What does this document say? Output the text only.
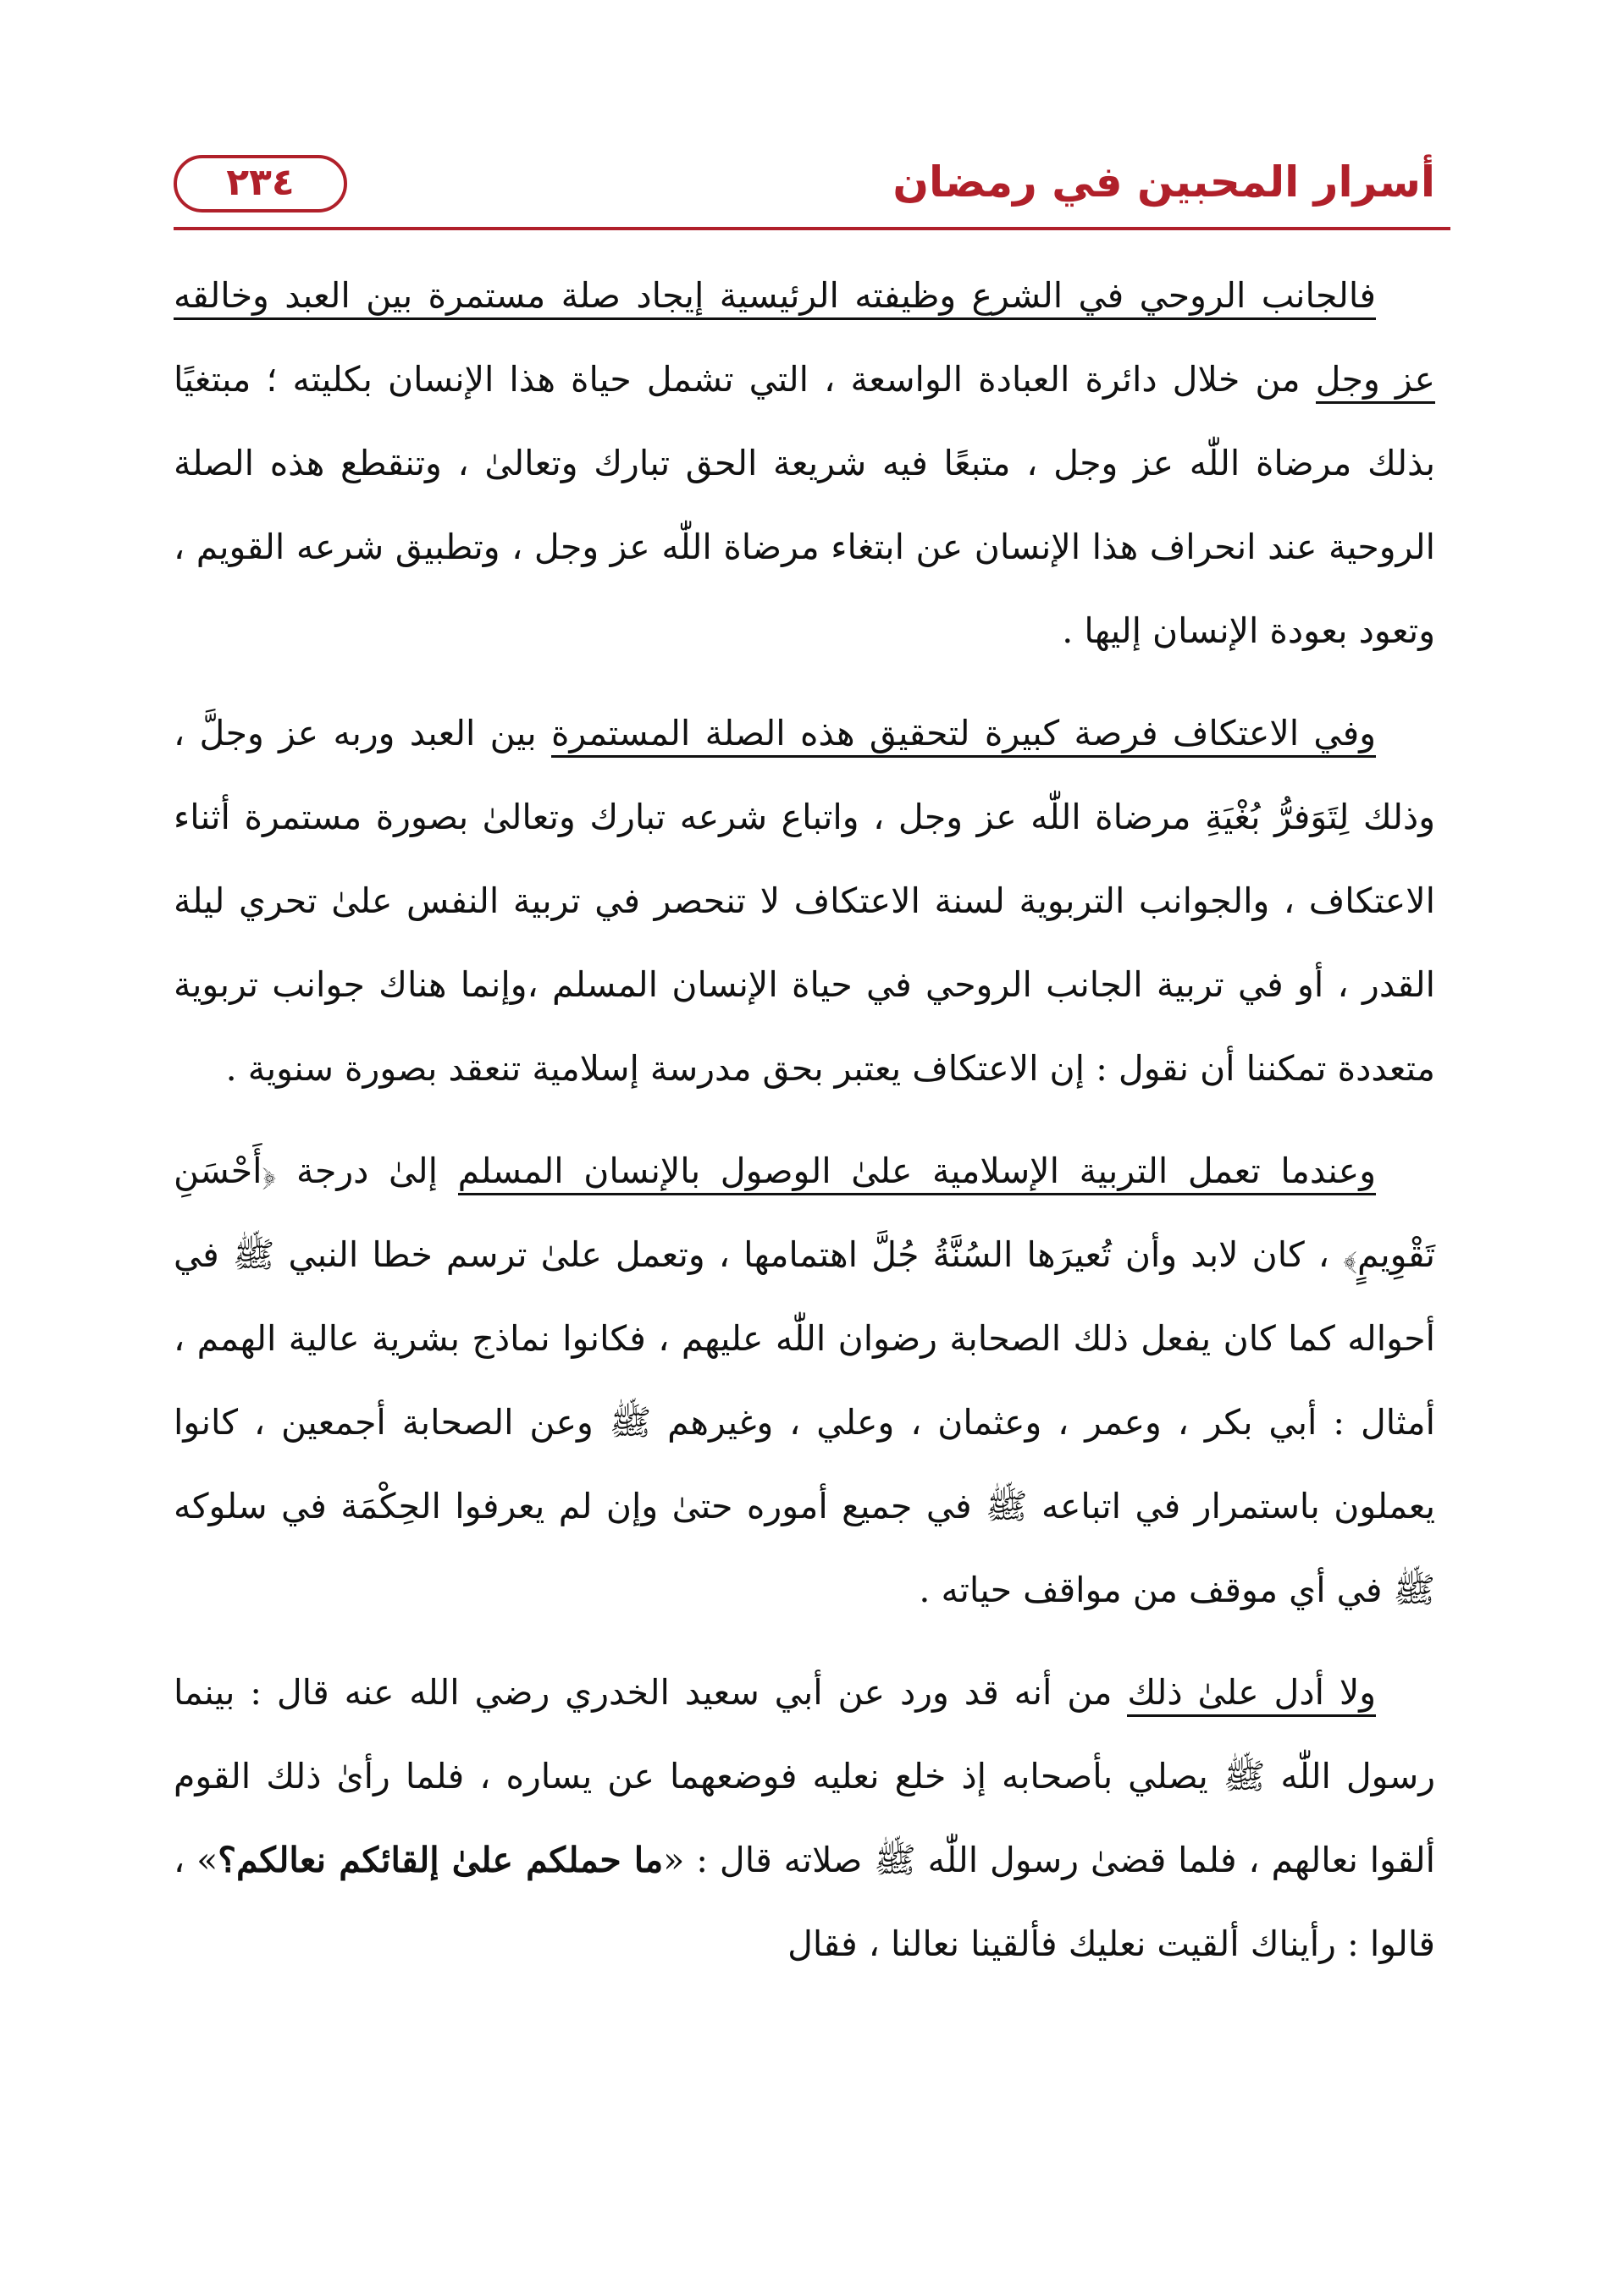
أسرار المحبين في رمضان
٢٣٤

فالجانب الروحي في الشرع وظيفته الرئيسية إيجاد صلة مستمرة بين العبد وخالقه عز وجل من خلال دائرة العبادة الواسعة ، التي تشمل حياة هذا الإنسان بكليته ؛ مبتغيًا بذلك مرضاة اللّٰه عز وجل ، متبعًا فيه شريعة الحق تبارك وتعالىٰ ، وتنقطع هذه الصلة الروحية عند انحراف هذا الإنسان عن ابتغاء مرضاة اللّٰه عز وجل ، وتطبيق شرعه القويم ، وتعود بعودة الإنسان إليها .

وفي الاعتكاف فرصة كبيرة لتحقيق هذه الصلة المستمرة بين العبد وربه عز وجلَّ ، وذلك لِتَوَفرُّ بُغْيَةِ مرضاة اللّٰه عز وجل ، واتباع شرعه تبارك وتعالىٰ بصورة مستمرة أثناء الاعتكاف ، والجوانب التربوية لسنة الاعتكاف لا تنحصر في تربية النفس علىٰ تحري ليلة القدر ، أو في تربية الجانب الروحي في حياة الإنسان المسلم ،وإنما هناك جوانب تربوية متعددة تمكننا أن نقول : إن الاعتكاف يعتبر بحق مدرسة إسلامية تنعقد بصورة سنوية .

وعندما تعمل التربية الإسلامية علىٰ الوصول بالإنسان المسلم إلىٰ درجة ﴿أَحْسَنِ تَقْوِيمٍ﴾ ، كان لابد وأن تُعيرَها السُنَّةُ جُلَّ اهتمامها ، وتعمل علىٰ ترسم خطا النبي ﷺ في أحواله كما كان يفعل ذلك الصحابة رضوان اللّٰه عليهم ، فكانوا نماذج بشرية عالية الهمم ، أمثال : أبي بكر ، وعمر ، وعثمان ، وعلي ، وغيرهم ﷺ وعن الصحابة أجمعين ، كانوا يعملون باستمرار في اتباعه ﷺ في جميع أموره حتىٰ وإن لم يعرفوا الحِكْمَة في سلوكه ﷺ في أي موقف من مواقف حياته .

ولا أدل علىٰ ذلك من أنه قد ورد عن أبي سعيد الخدري رضي الله عنه قال : بينما رسول اللّٰه ﷺ يصلي بأصحابه إذ خلع نعليه فوضعهما عن يساره ، فلما رأىٰ ذلك القوم ألقوا نعالهم ، فلما قضىٰ رسول اللّٰه ﷺ صلاته قال : «ما حملكم علىٰ إلقائكم نعالكم؟» ، قالوا : رأيناك ألقيت نعليك فألقينا نعالنا ، فقال
